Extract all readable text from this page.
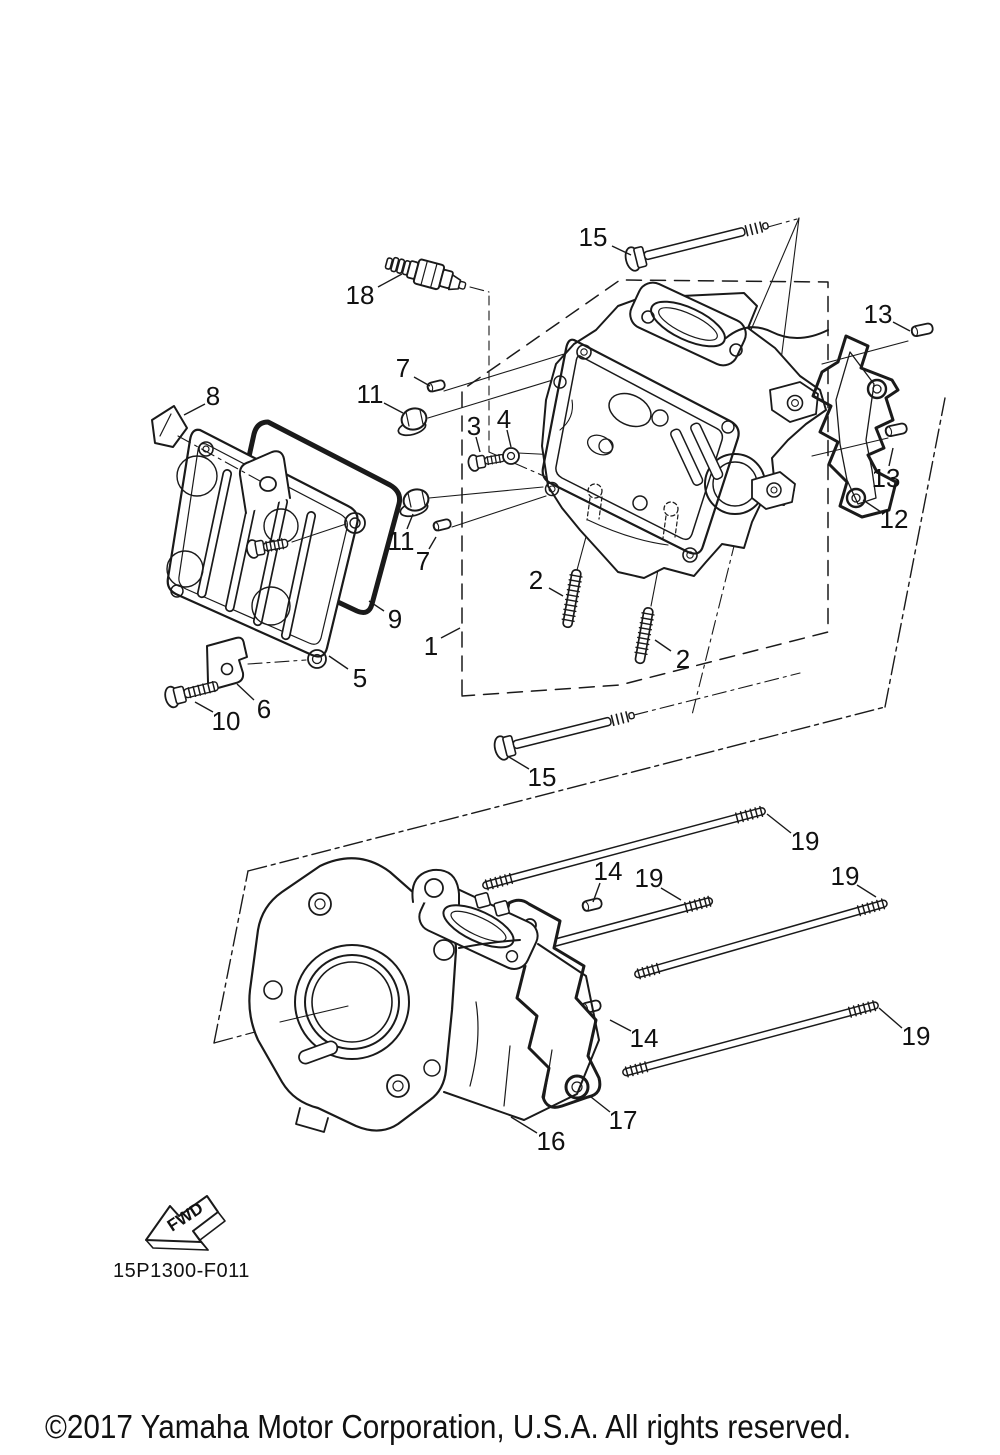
FWD
15P1300-F011
©2017 Yamaha Motor Corporation, U.S.A. All rights reserved.
18
15
13
8	11
7
3 4
11
7
9
1
5
6
10
2
2
13
12
15
19
14 19	19
14	19
17
16
